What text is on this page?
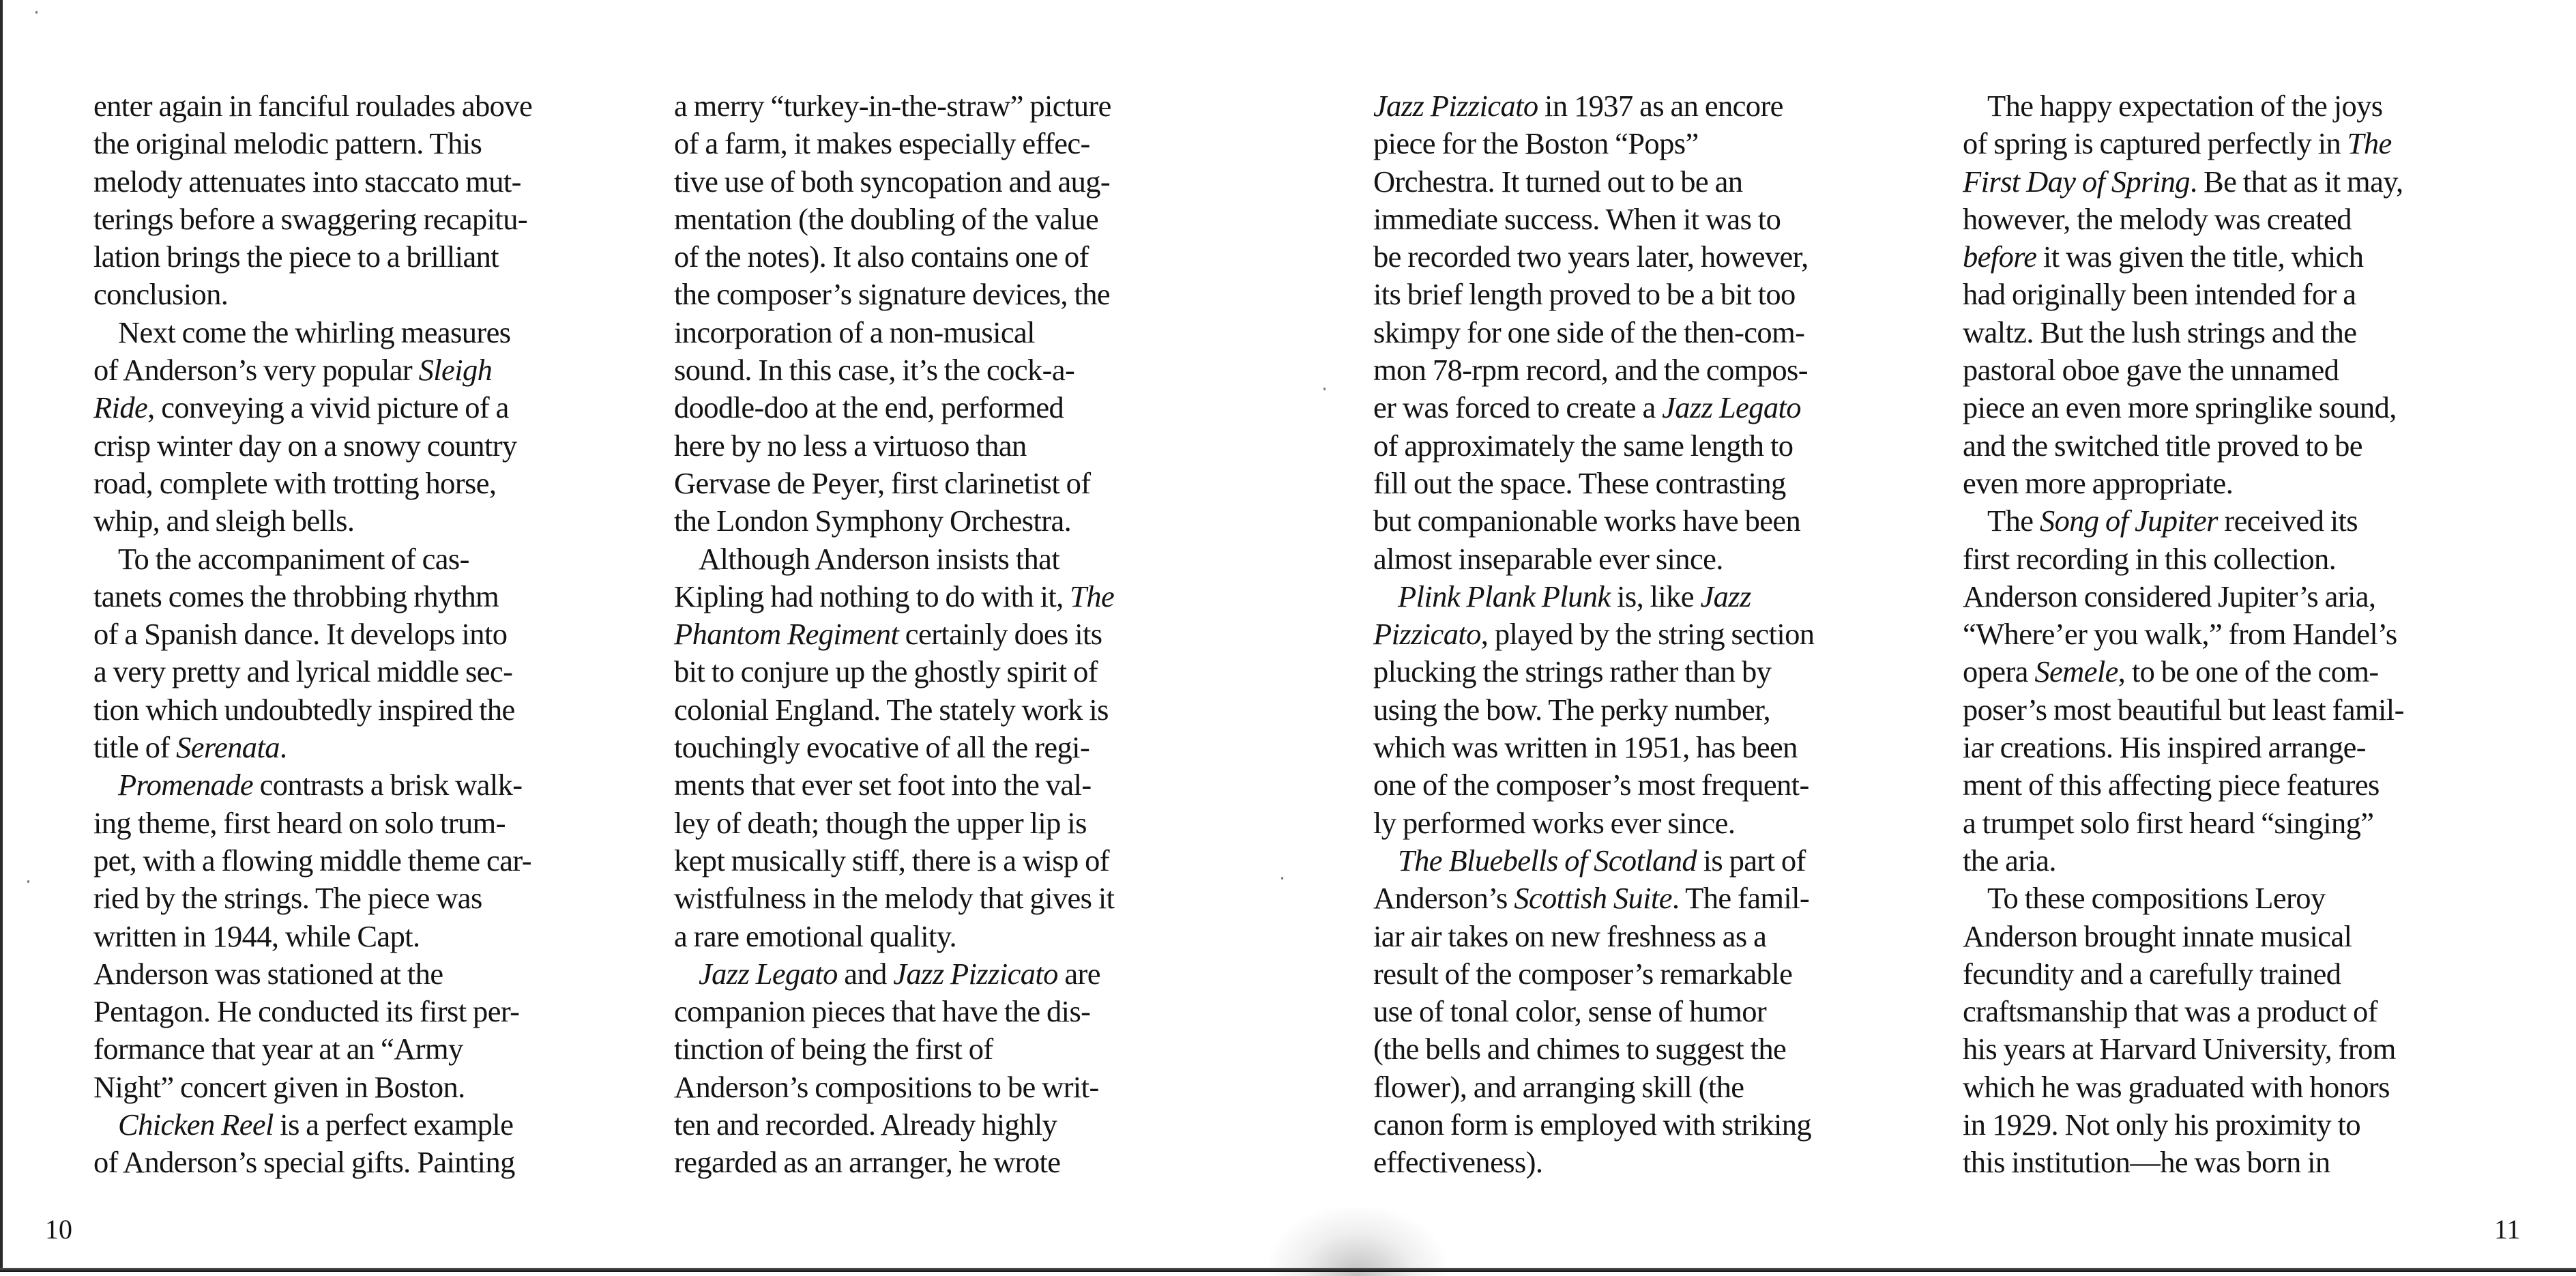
enter again in fanciful roulades above
the original melodic pattern. This
melody attenuates into staccato mut-
terings before a swaggering recapitu-
lation brings the piece to a brilliant
conclusion.
Next come the whirling measures
of Anderson’s very popular Sleigh
Ride, conveying a vivid picture of a
crisp winter day on a snowy country
road, complete with trotting horse,
whip, and sleigh bells.
To the accompaniment of cas-
tanets comes the throbbing rhythm
of a Spanish dance. It develops into
a very pretty and lyrical middle sec-
tion which undoubtedly inspired the
title of Serenata.
Promenade contrasts a brisk walk-
ing theme, first heard on solo trum-
pet, with a flowing middle theme car-
ried by the strings. The piece was
written in 1944, while Capt.
Anderson was stationed at the
Pentagon. He conducted its first per-
formance that year at an “Army
Night” concert given in Boston.
Chicken Reel is a perfect example
of Anderson’s special gifts. Painting
a merry “turkey-in-the-straw” picture
of a farm, it makes especially effec-
tive use of both syncopation and aug-
mentation (the doubling of the value
of the notes). It also contains one of
the composer’s signature devices, the
incorporation of a non-musical
sound. In this case, it’s the cock-a-
doodle-doo at the end, performed
here by no less a virtuoso than
Gervase de Peyer, first clarinetist of
the London Symphony Orchestra.
Although Anderson insists that
Kipling had nothing to do with it, The
Phantom Regiment certainly does its
bit to conjure up the ghostly spirit of
colonial England. The stately work is
touchingly evocative of all the regi-
ments that ever set foot into the val-
ley of death; though the upper lip is
kept musically stiff, there is a wisp of
wistfulness in the melody that gives it
a rare emotional quality.
Jazz Legato and Jazz Pizzicato are
companion pieces that have the dis-
tinction of being the first of
Anderson’s compositions to be writ-
ten and recorded. Already highly
regarded as an arranger, he wrote
Jazz Pizzicato in 1937 as an encore
piece for the Boston “Pops”
Orchestra. It turned out to be an
immediate success. When it was to
be recorded two years later, however,
its brief length proved to be a bit too
skimpy for one side of the then-com-
mon 78-rpm record, and the compos-
er was forced to create a Jazz Legato
of approximately the same length to
fill out the space. These contrasting
but companionable works have been
almost inseparable ever since.
Plink Plank Plunk is, like Jazz
Pizzicato, played by the string section
plucking the strings rather than by
using the bow. The perky number,
which was written in 1951, has been
one of the composer’s most frequent-
ly performed works ever since.
The Bluebells of Scotland is part of
Anderson’s Scottish Suite. The famil-
iar air takes on new freshness as a
result of the composer’s remarkable
use of tonal color, sense of humor
(the bells and chimes to suggest the
flower), and arranging skill (the
canon form is employed with striking
effectiveness).
The happy expectation of the joys
of spring is captured perfectly in The
First Day of Spring. Be that as it may,
however, the melody was created
before it was given the title, which
had originally been intended for a
waltz. But the lush strings and the
pastoral oboe gave the unnamed
piece an even more springlike sound,
and the switched title proved to be
even more appropriate.
The Song of Jupiter received its
first recording in this collection.
Anderson considered Jupiter’s aria,
“Where’er you walk,” from Handel’s
opera Semele, to be one of the com-
poser’s most beautiful but least famil-
iar creations. His inspired arrange-
ment of this affecting piece features
a trumpet solo first heard “singing”
the aria.
To these compositions Leroy
Anderson brought innate musical
fecundity and a carefully trained
craftsmanship that was a product of
his years at Harvard University, from
which he was graduated with honors
in 1929. Not only his proximity to
this institution—he was born in
10	11
